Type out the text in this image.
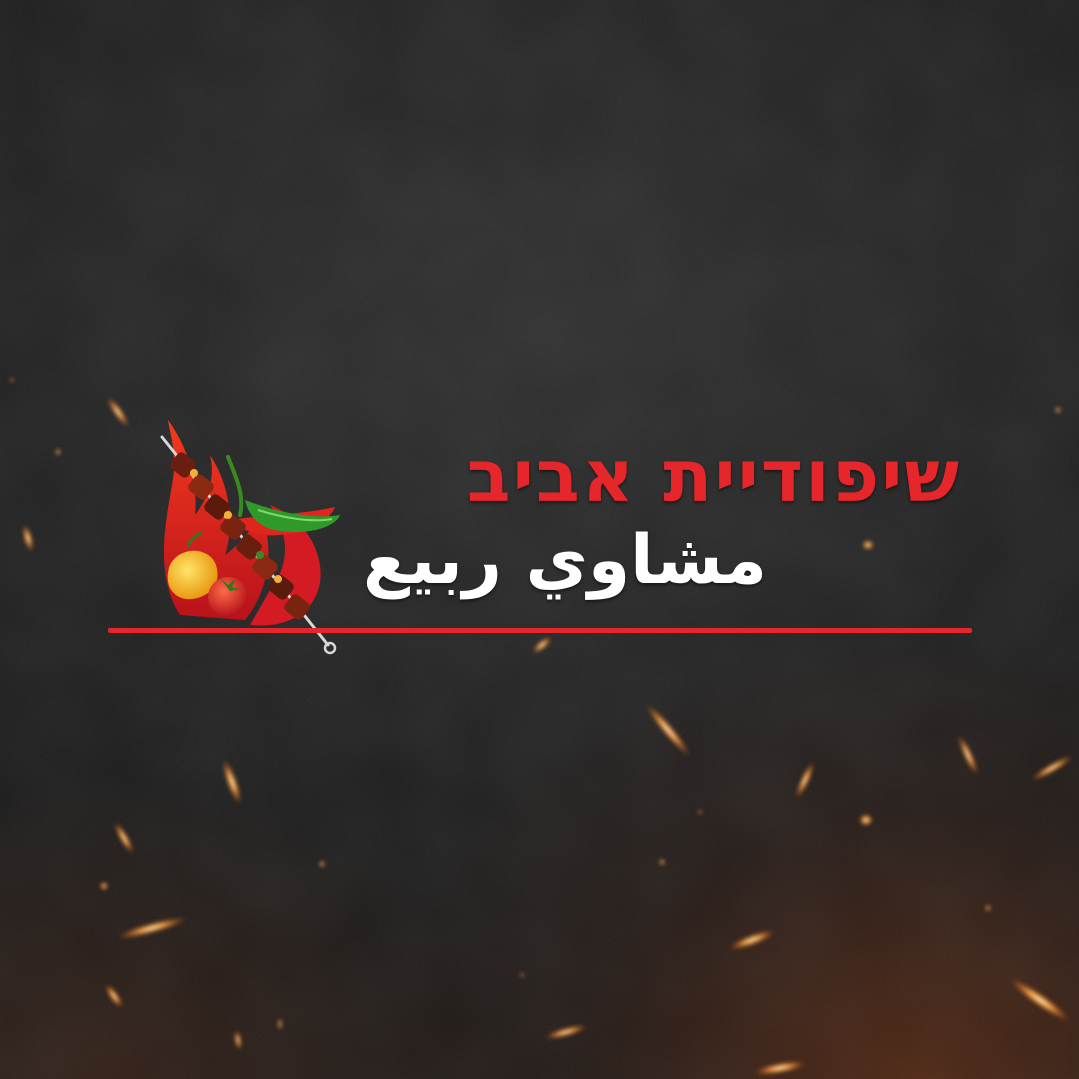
שיפודיית אביב
مشاوي ربيع
